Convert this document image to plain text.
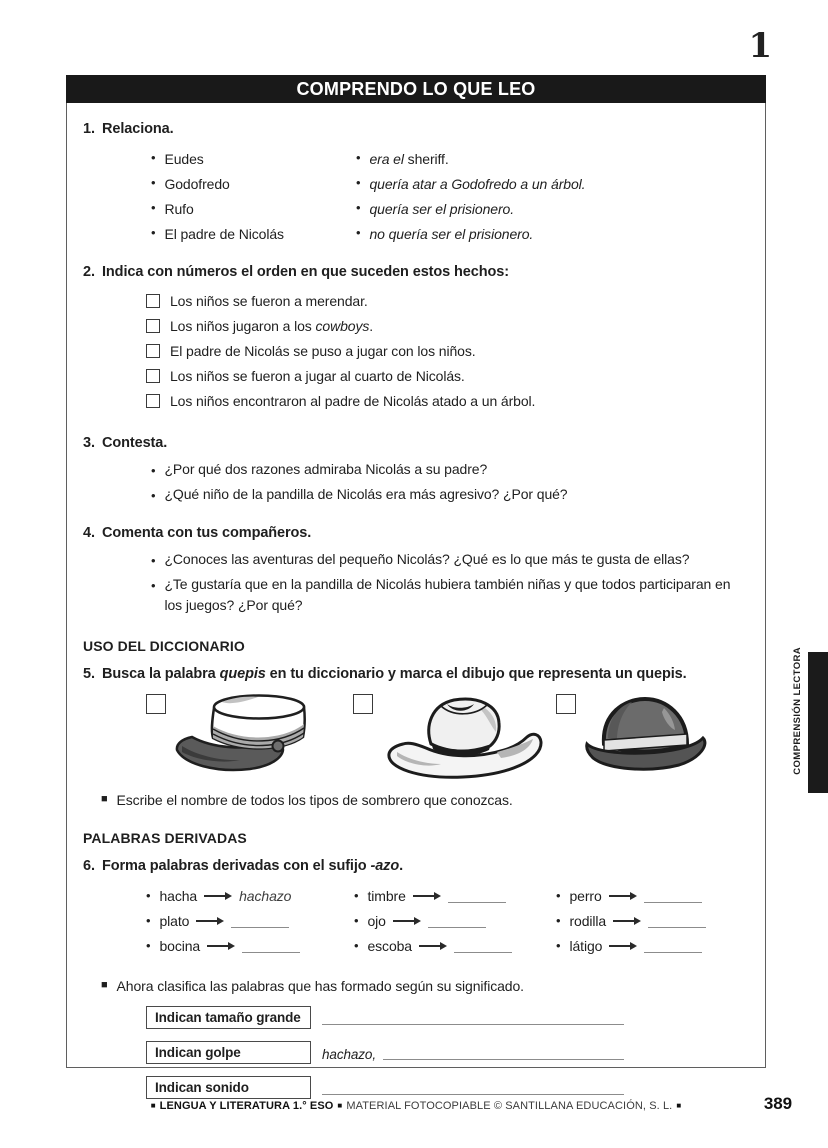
1
COMPRENDO LO QUE LEO
1. Relaciona.
• Eudes	• era el sheriff.
• Godofredo	• quería atar a Godofredo a un árbol.
• Rufo	• quería ser el prisionero.
• El padre de Nicolás	• no quería ser el prisionero.
2. Indica con números el orden en que suceden estos hechos:
Los niños se fueron a merendar.
Los niños jugaron a los cowboys.
El padre de Nicolás se puso a jugar con los niños.
Los niños se fueron a jugar al cuarto de Nicolás.
Los niños encontraron al padre de Nicolás atado a un árbol.
3. Contesta.
• ¿Por qué dos razones admiraba Nicolás a su padre?
• ¿Qué niño de la pandilla de Nicolás era más agresivo? ¿Por qué?
4. Comenta con tus compañeros.
• ¿Conoces las aventuras del pequeño Nicolás? ¿Qué es lo que más te gusta de ellas?
• ¿Te gustaría que en la pandilla de Nicolás hubiera también niñas y que todos participaran en los juegos? ¿Por qué?
USO DEL DICCIONARIO
5. Busca la palabra quepis en tu diccionario y marca el dibujo que representa un quepis.
■ Escribe el nombre de todos los tipos de sombrero que conozcas.
PALABRAS DERIVADAS
6. Forma palabras derivadas con el sufijo -azo.
• hacha	hachazo	• timbre	• perro
• plato	• ojo	• rodilla
• bocina	• escoba	• látigo
■ Ahora clasifica las palabras que has formado según su significado.
Indican tamaño grande
Indican golpe	hachazo,
Indican sonido
COMPRENSIÓN LECTORA
■ LENGUA Y LITERATURA 1.° ESO ■ MATERIAL FOTOCOPIABLE © SANTILLANA EDUCACIÓN, S. L. ■	389
